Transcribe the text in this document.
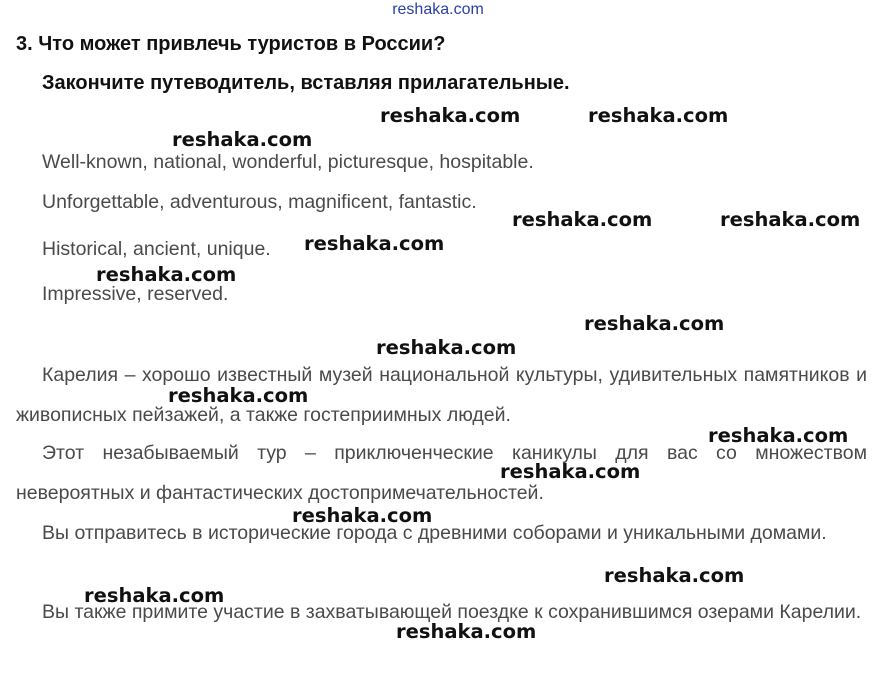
reshaka.com
3. Что может привлечь туристов в России?
Закончите путеводитель, вставляя прилагательные.
Well-known, national, wonderful, picturesque, hospitable.
Unforgettable, adventurous, magnificent, fantastic.
Historical, ancient, unique.
Impressive, reserved.
Карелия – хорошо известный музей национальной культуры, удивительных памятников и живописных пейзажей, а также гостеприимных людей.
Этот незабываемый тур – приключенческие каникулы для вас со множеством невероятных и фантастических достопримечательностей.
Вы отправитесь в исторические города с древними соборами и уникальными домами.
Вы также примите участие в захватывающей поездке к сохранившимся озерами Карелии.
reshaka.com	reshaka.com
reshaka.com
reshaka.com	reshaka.com
reshaka.com
reshaka.com
reshaka.com
reshaka.com
reshaka.com
reshaka.com
reshaka.com
reshaka.com
reshaka.com
reshaka.com
reshaka.com
